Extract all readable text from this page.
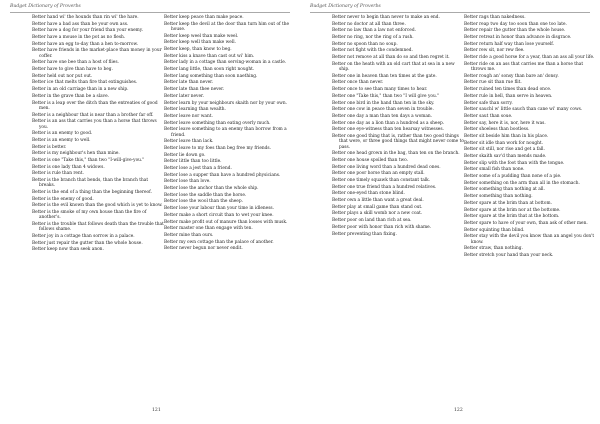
Budget Dictionary of Proverbs
Better hand wi' the hounds than rin wi' the hare.
Better have a bad ass than be your own ass.
Better have a dog for your friend than your enemy.
Better have a mouse in the pot as no flesh.
Better have an egg to-day than a hen to-morrow.
Better have friends in the market-place than money in your coffer.
Better have one bee than a host of flies.
Better have to give than have to beg.
Better held out nor put out.
Better ice that melts than fire that extinguishes.
Better in an old carriage than in a new ship.
Better in the grave than be a slave.
Better is a leap over the ditch than the entreaties of good men.
Better is a neighbour that is near than a brother far off.
Better is an ass that carries you than a horse that throws you.
Better is an enemy to good.
Better is an enemy to well.
Better is better.
Better is my neighbour's hen than mine.
Better is one "Take this," than two "I-will-give-you."
Better is one lady than 4 widows.
Better is rule than rent.
Better is the branch that bends, than the branch that breaks.
Better is the end of a thing than the beginning thereof.
Better is the enemy of good.
Better is the evil known than the good which is yet to know.
Better is the smoke of my own house than the fire of another's.
Better is the trouble that follows death than the trouble that follows shame.
Better joy in a cottage than sorrow in a palace.
Better just repair the gutter than the whole house.
Better keep now than seek anon.
Better keep peace than make peace.
Better keep the devil at the door than turn him out of the house.
Better keep weel than make weel.
Better keep well than make well.
Better keep, than know to beg.
Better kiss a knave than cast out wi' him.
Better lady in a cottage than serving-woman in a castle.
Better lang little, than soon right nought.
Better lang something than soon naething.
Better late than never.
Better late than thee never.
Better later never.
Better learn by your neighbours skaith nor by your own.
Better learning than wealth.
Better leave nor want.
Better leave something than eating overly much.
Better leave something to an enemy than borrow from a friend.
Better leave than lack.
Better leave to my foes than beg free my friends.
Better lie down go.
Better little than too little.
Better lose a jest than a friend.
Better lose a supper than have a hundred physicians.
Better lose than love.
Better lose the anchor than the whole ship.
Better lose the saddle than the horse.
Better lose the wool than the sheep.
Better lose your labour than your time in idleness.
Better make a short circuit than to wet your knee.
Better make profit out of manure than losses with musk.
Better master one than engage with ten.
Better mine than ours.
Better my own cottage than the palace of another.
Better never begun nor never endit.
121
Budget Dictionary of Proverbs
Better never to begin than never to make an end.
Better no doctor at all than three.
Better no law than a law not enforced.
Better no ring, nor the ring of a rush.
Better no spoon than no soup.
Better not fight with the condemned.
Better not remove at all than do so and then regret it.
Better on the heath with an old cart that at sea in a new ship.
Better one in heaven than ten times at the gate.
Better once than never.
Better once to see than many times to hear.
Better one "Take this," than two "I will give you."
Better one bird in the hand than ten in the sky.
Better one cow in peace than seven in trouble.
Better one day a man than ten days a woman.
Better one day as a lion than a hundred as a sheep.
Better one eye-witness than ten hearsay witnesses.
Better one good thing that is, rather than two good things that were, or three good things that might never come to pass.
Better one head grown in the bag, than ten on the branch.
Better one house spoiled than two.
Better one living word than a hundred dead ones.
Better one poor horse than an empty stall.
Better one timely squawk than constant talk.
Better one true friend than a hundred relatives.
Better one-eyed than stone blind.
Better own a little than want a great deal.
Better play at small game than stand out.
Better plays a skill womb nor a new coat.
Better poor on land than rich at sea.
Better poor with honor than rich with shame.
Better preventing than fixing.
Better rags than nakedness.
Better reap two day too soon than one too late.
Better repair the gutter than the whole house.
Better retreat in honor than advance in disgrace.
Better return half way than lose yourself.
Better rew sit, nor rew flee.
Better ride a good horse for a year, than an ass all your life.
Better ride on an ass that carries me than a horse that throws me.
Better rough an' sonsy than bare an' donsy.
Better rue sit than rue flit.
Better ruined ten times than dead once.
Better rule in hell, than serve in heaven.
Better safe than sorry.
Better sauchl w' little sauch than cane wi' many cows.
Better saut than soue.
Better say, here it is, nor, here it was.
Better shoeless than bootless.
Better sit beside him than in his place.
Better sit idle than work for nought.
Better sit still, nor rise and get a fall.
Better skaith sav'd than mends made.
Better slip with the foot than with the tongue.
Better small fish than none.
Better some of a pudding than none of a pie.
Better something on the arm than all in the stomach.
Better something than nothing at all.
Better something than nothing.
Better spare at the brim than at bottom.
Better spare at the brim nor at the bottome.
Better spare at the brim that at the bottom.
Better spare to have of your own, than ask of other men.
Better squinting than blind.
Better stay with the devil you know than an angel you don't know.
Better straw, than nothing.
Better stretch your hand than your neck.
122
